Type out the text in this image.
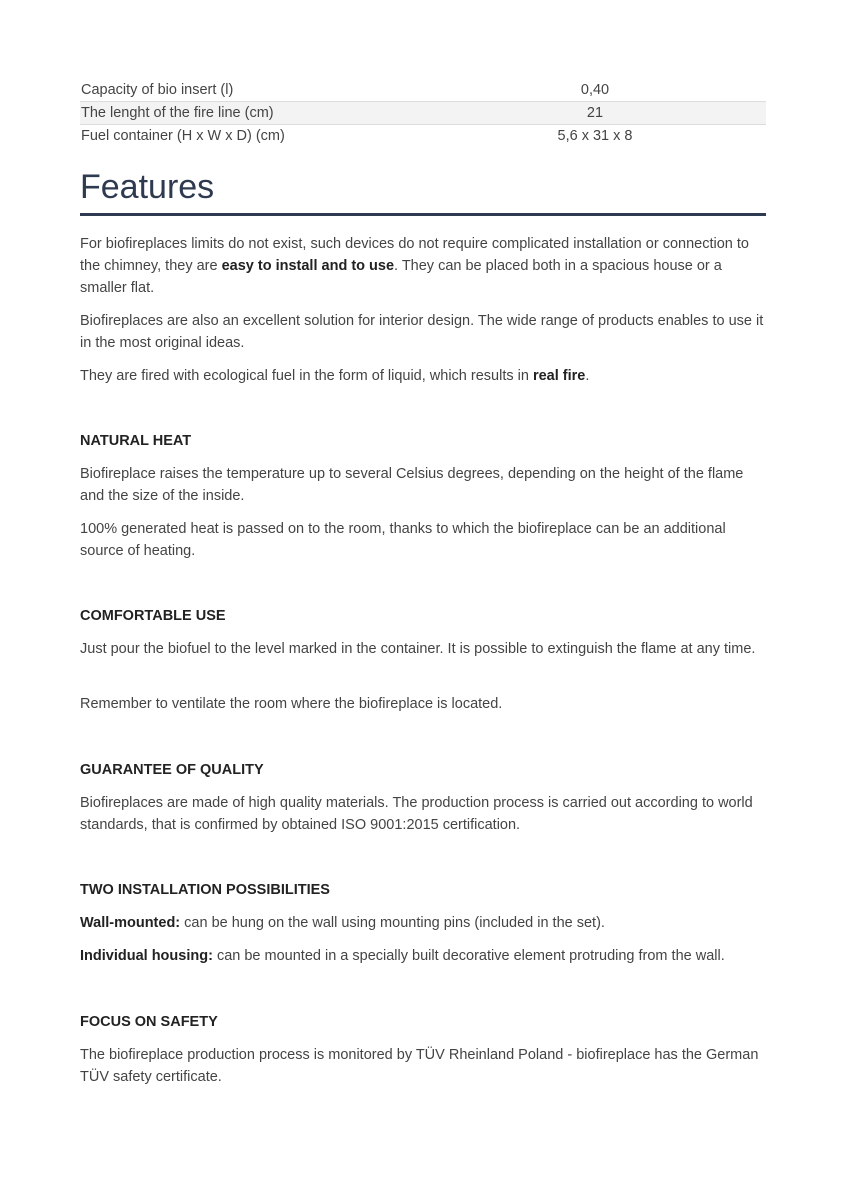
Capacity of bio insert (l)	0,40
The lenght of the fire line (cm)	21
Fuel container (H x W x D) (cm)	5,6 x 31 x 8
Features

For biofireplaces limits do not exist, such devices do not require complicated installation or connection to the chimney, they are easy to install and to use. They can be placed both in a spacious house or a smaller flat.

Biofireplaces are also an excellent solution for interior design. The wide range of products enables to use it in the most original ideas.

They are fired with ecological fuel in the form of liquid, which results in real fire.

NATURAL HEAT

Biofireplace raises the temperature up to several Celsius degrees, depending on the height of the flame and the size of the inside.

100% generated heat is passed on to the room, thanks to which the biofireplace can be an additional source of heating.

COMFORTABLE USE

Just pour the biofuel to the level marked in the container. It is possible to extinguish the flame at any time.

Remember to ventilate the room where the biofireplace is located.

GUARANTEE OF QUALITY

Biofireplaces are made of high quality materials. The production process is carried out according to world standards, that is confirmed by obtained ISO 9001:2015 certification.

TWO INSTALLATION POSSIBILITIES

Wall-mounted: can be hung on the wall using mounting pins (included in the set).

Individual housing: can be mounted in a specially built decorative element protruding from the wall.

FOCUS ON SAFETY

The biofireplace production process is monitored by TÜV Rheinland Poland - biofireplace has the German TÜV safety certificate.
